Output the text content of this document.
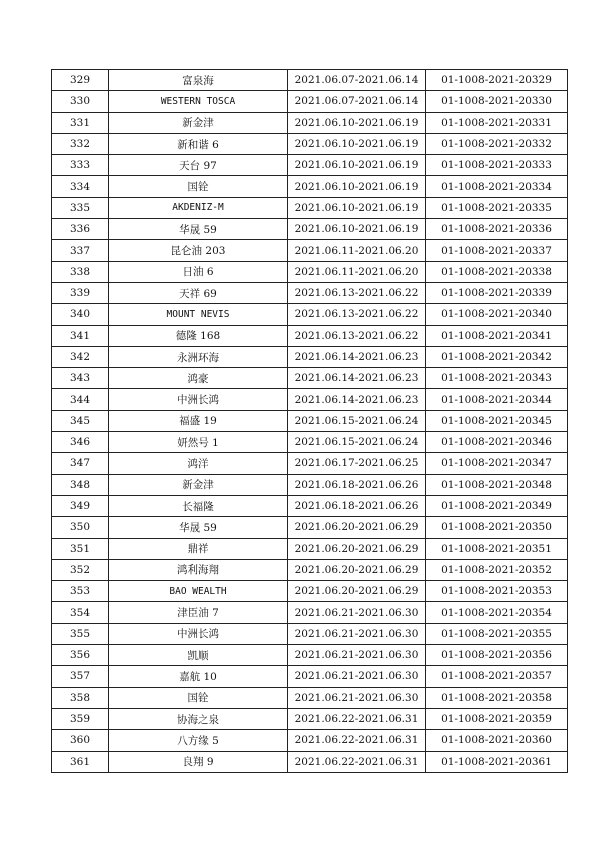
329	富泉海	2021.06.07-2021.06.14	01-1008-2021-20329
330	WESTERN TOSCA	2021.06.07-2021.06.14	01-1008-2021-20330
331	新金津	2021.06.10-2021.06.19	01-1008-2021-20331
332	新和谐 6	2021.06.10-2021.06.19	01-1008-2021-20332
333	天台 97	2021.06.10-2021.06.19	01-1008-2021-20333
334	国铨	2021.06.10-2021.06.19	01-1008-2021-20334
335	AKDENIZ-M	2021.06.10-2021.06.19	01-1008-2021-20335
336	华晟 59	2021.06.10-2021.06.19	01-1008-2021-20336
337	昆仑油 203	2021.06.11-2021.06.20	01-1008-2021-20337
338	日油 6	2021.06.11-2021.06.20	01-1008-2021-20338
339	天祥 69	2021.06.13-2021.06.22	01-1008-2021-20339
340	MOUNT NEVIS	2021.06.13-2021.06.22	01-1008-2021-20340
341	德隆 168	2021.06.13-2021.06.22	01-1008-2021-20341
342	永洲环海	2021.06.14-2021.06.23	01-1008-2021-20342
343	鸿豪	2021.06.14-2021.06.23	01-1008-2021-20343
344	中洲长鸿	2021.06.14-2021.06.23	01-1008-2021-20344
345	福盛 19	2021.06.15-2021.06.24	01-1008-2021-20345
346	妍然号 1	2021.06.15-2021.06.24	01-1008-2021-20346
347	鸿洋	2021.06.17-2021.06.25	01-1008-2021-20347
348	新金津	2021.06.18-2021.06.26	01-1008-2021-20348
349	长福隆	2021.06.18-2021.06.26	01-1008-2021-20349
350	华晟 59	2021.06.20-2021.06.29	01-1008-2021-20350
351	鼎祥	2021.06.20-2021.06.29	01-1008-2021-20351
352	鸿利海翔	2021.06.20-2021.06.29	01-1008-2021-20352
353	BAO WEALTH	2021.06.20-2021.06.29	01-1008-2021-20353
354	津臣油 7	2021.06.21-2021.06.30	01-1008-2021-20354
355	中洲长鸿	2021.06.21-2021.06.30	01-1008-2021-20355
356	凯顺	2021.06.21-2021.06.30	01-1008-2021-20356
357	嘉航 10	2021.06.21-2021.06.30	01-1008-2021-20357
358	国铨	2021.06.21-2021.06.30	01-1008-2021-20358
359	协海之泉	2021.06.22-2021.06.31	01-1008-2021-20359
360	八方缘 5	2021.06.22-2021.06.31	01-1008-2021-20360
361	良翔 9	2021.06.22-2021.06.31	01-1008-2021-20361
